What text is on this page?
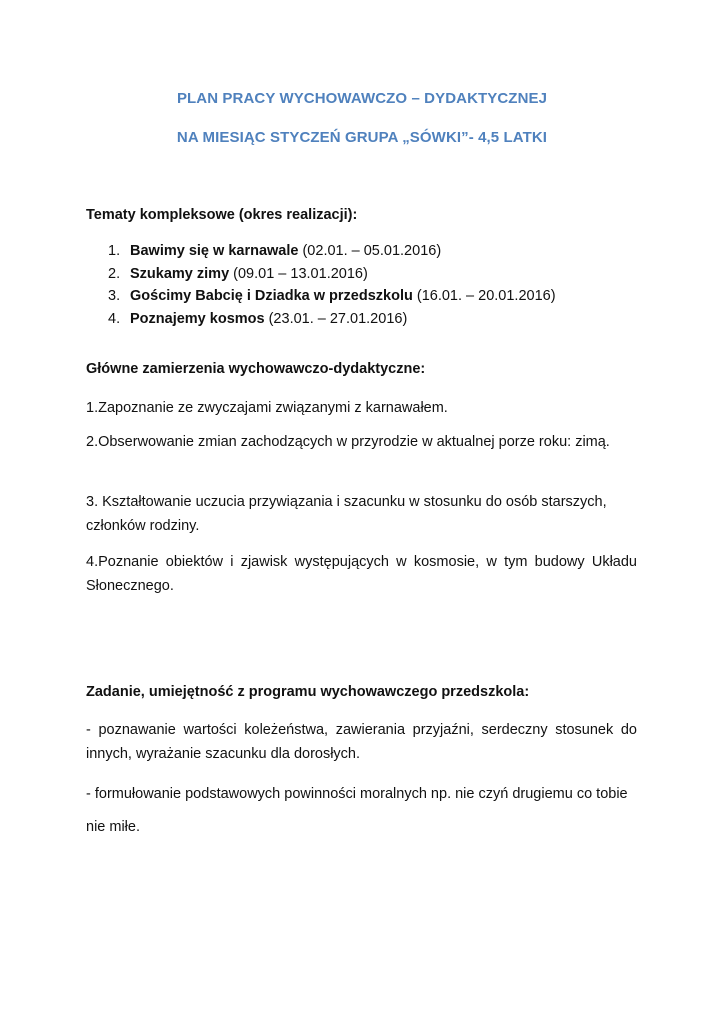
PLAN PRACY WYCHOWAWCZO – DYDAKTYCZNEJ
NA MIESIĄC STYCZEŃ GRUPA „SÓWKI”- 4,5 LATKI
Tematy kompleksowe (okres realizacji):
1. Bawimy się w karnawale (02.01. – 05.01.2016)
2. Szukamy zimy (09.01 – 13.01.2016)
3. Gościmy Babcię i Dziadka w przedszkolu (16.01. – 20.01.2016)
4. Poznajemy kosmos (23.01. – 27.01.2016)
Główne zamierzenia wychowawczo-dydaktyczne:

1.Zapoznanie ze zwyczajami związanymi z karnawałem.

2.Obserwowanie zmian zachodzących w przyrodzie w aktualnej porze roku: zimą.

3. Kształtowanie uczucia przywiązania i szacunku w stosunku do osób starszych, członków rodziny.

4.Poznanie obiektów i zjawisk występujących w kosmosie, w tym budowy Układu Słonecznego.

Zadanie, umiejętność z programu wychowawczego przedszkola:

- poznawanie wartości koleżeństwa, zawierania przyjaźni, serdeczny stosunek do innych, wyrażanie szacunku dla dorosłych.

- formułowanie podstawowych powinności moralnych np. nie czyń drugiemu co tobie nie miłe.
